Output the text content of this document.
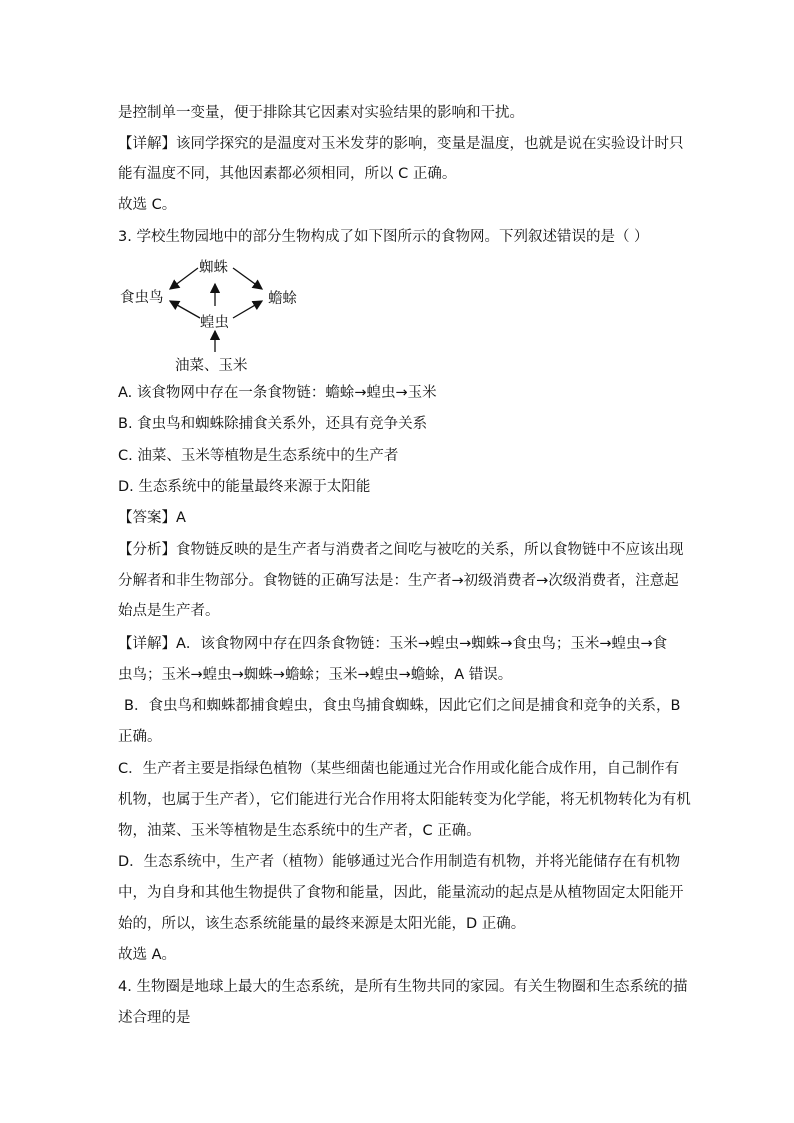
是控制单一变量，便于排除其它因素对实验结果的影响和干扰。
【详解】该同学探究的是温度对玉米发芽的影响，变量是温度，也就是说在实验设计时只
能有温度不同，其他因素都必须相同，所以 C 正确。
故选 C。
3. 学校生物园地中的部分生物构成了如下图所示的食物网。下列叙述错误的是（ ）
蜘蛛
食虫鸟	蟾蜍
蝗虫
油菜、玉米
A. 该食物网中存在一条食物链：蟾蜍→蝗虫→玉米
B. 食虫鸟和蜘蛛除捕食关系外，还具有竞争关系
C. 油菜、玉米等植物是生态系统中的生产者
D. 生态系统中的能量最终来源于太阳能
【答案】A
【分析】食物链反映的是生产者与消费者之间吃与被吃的关系，所以食物链中不应该出现
分解者和非生物部分。食物链的正确写法是：生产者→初级消费者→次级消费者，注意起
始点是生产者。
【详解】A．该食物网中存在四条食物链：玉米→蝗虫→蜘蛛→食虫鸟；玉米→蝗虫→食
虫鸟；玉米→蝗虫→蜘蛛→蟾蜍；玉米→蝗虫→蟾蜍，A 错误。
B．食虫鸟和蜘蛛都捕食蝗虫，食虫鸟捕食蜘蛛，因此它们之间是捕食和竞争的关系，B
正确。
C．生产者主要是指绿色植物（某些细菌也能通过光合作用或化能合成作用，自己制作有
机物，也属于生产者），它们能进行光合作用将太阳能转变为化学能，将无机物转化为有机
物，油菜、玉米等植物是生态系统中的生产者，C 正确。
D．生态系统中，生产者（植物）能够通过光合作用制造有机物，并将光能储存在有机物
中，为自身和其他生物提供了食物和能量，因此，能量流动的起点是从植物固定太阳能开
始的，所以，该生态系统能量的最终来源是太阳光能，D 正确。
故选 A。
4. 生物圈是地球上最大的生态系统，是所有生物共同的家园。有关生物圈和生态系统的描
述合理的是
